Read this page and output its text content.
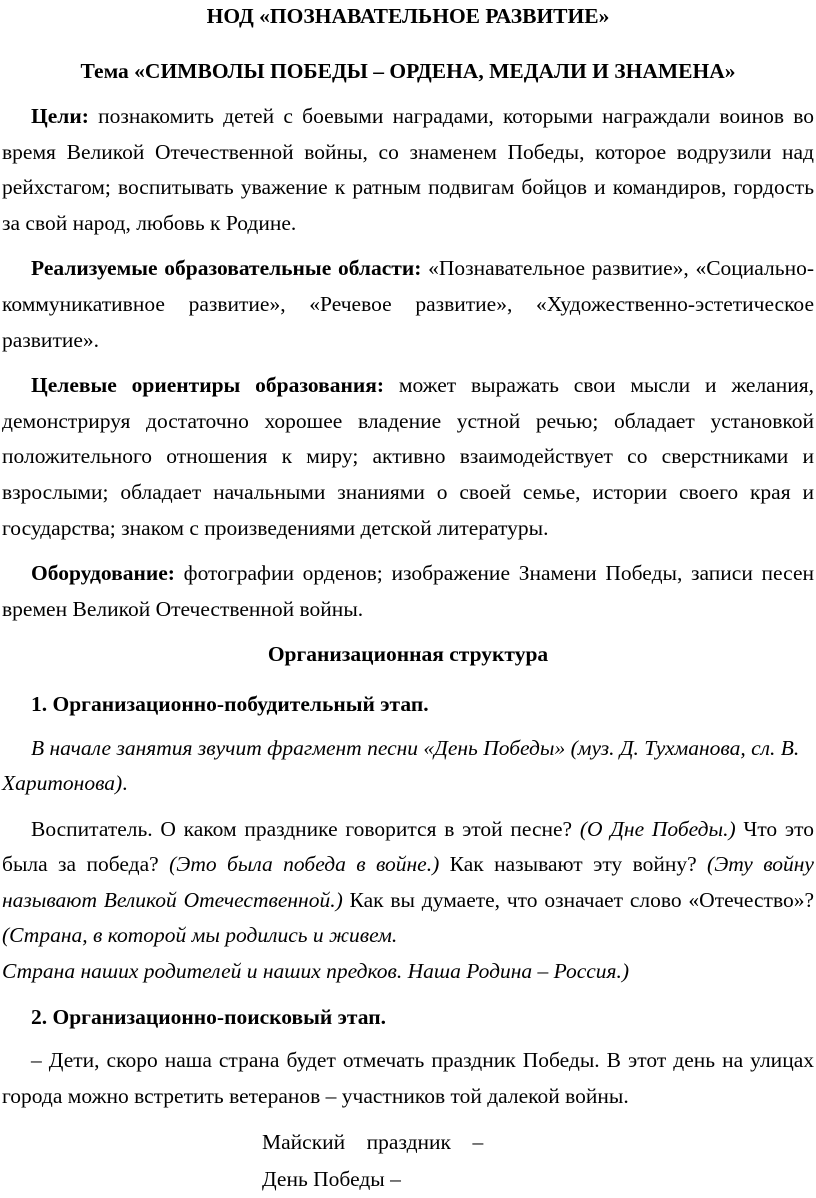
НОД «ПОЗНАВАТЕЛЬНОЕ РАЗВИТИЕ»
Тема «СИМВОЛЫ ПОБЕДЫ – ОРДЕНА, МЕДАЛИ И ЗНАМЕНА»

Цели: познакомить детей с боевыми наградами, которыми награждали воинов во время Великой Отечественной войны, со знаменем Победы, которое водрузили над рейхстагом; воспитывать уважение к ратным подвигам бойцов и командиров, гордость за свой народ, любовь к Родине.

Реализуемые образовательные области: «Познавательное развитие», «Социально-коммуникативное развитие», «Речевое развитие», «Художественно-эстетическое развитие».

Целевые ориентиры образования: может выражать свои мысли и желания, демонстрируя достаточно хорошее владение устной речью; обладает установкой положительного отношения к миру; активно взаимодействует со сверстниками и взрослыми; обладает начальными знаниями о своей семье, истории своего края и государства; знаком с произведениями детской литературы.

Оборудование: фотографии орденов; изображение Знамени Победы, записи песен времен Великой Отечественной войны.

Организационная структура

1. Организационно-побудительный этап.

В начале занятия звучит фрагмент песни «День Победы» (муз. Д. Тухманова, сл. В. Харитонова).

Воспитатель. О каком празднике говорится в этой песне? (О Дне Победы.) Что это была за победа? (Это была победа в войне.) Как называют эту войну? (Эту войну называют Великой Отечественной.) Как вы думаете, что означает слово «Отечество»? (Страна, в которой мы родились и живем.

Страна наших родителей и наших предков. Наша Родина – Россия.)

2. Организационно-поисковый этап.

– Дети, скоро наша страна будет отмечать праздник Победы. В этот день на улицах города можно встретить ветеранов – участников той далекой войны.

Майский    праздник    –
День Победы –
